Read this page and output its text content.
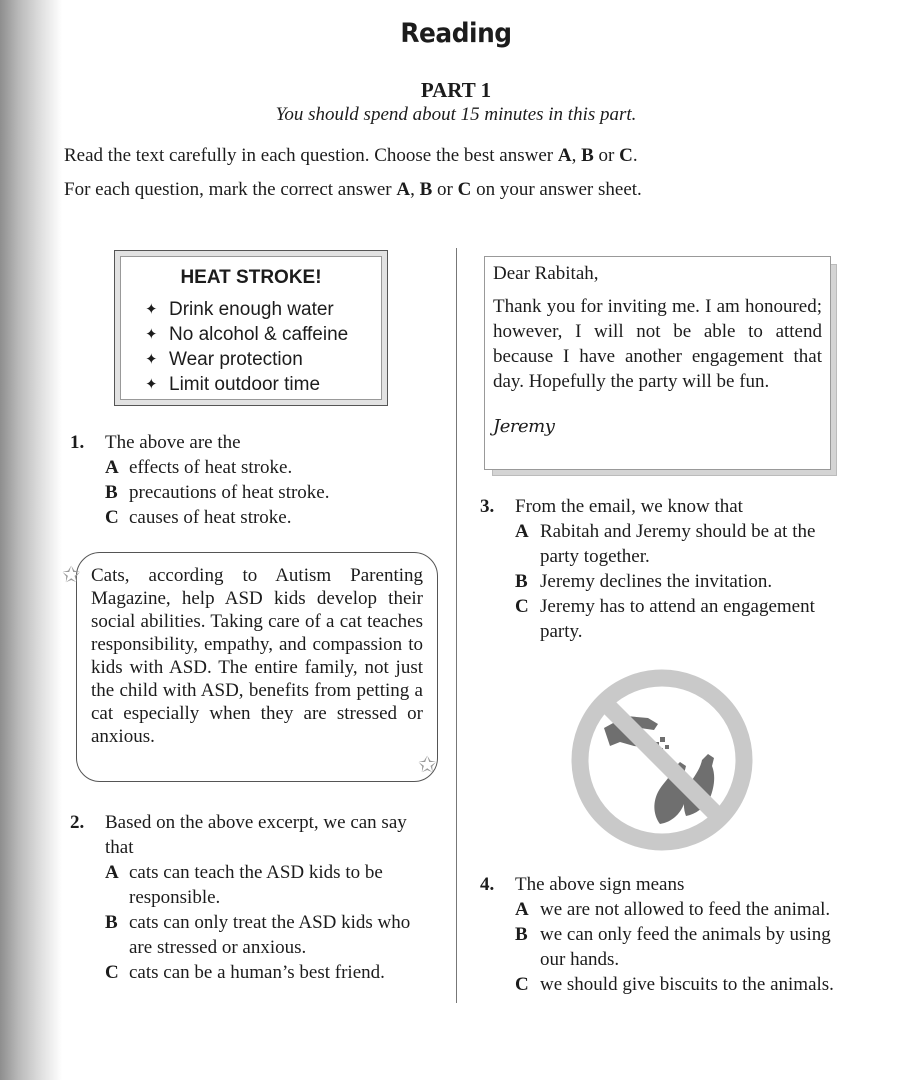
Reading
PART 1
You should spend about 15 minutes in this part.
Read the text carefully in each question. Choose the best answer A, B or C.
For each question, mark the correct answer A, B or C on your answer sheet.
HEAT STROKE!
✦ Drink enough water
✦ No alcohol & caffeine
✦ Wear protection
✦ Limit outdoor time
Dear Rabitah,
Thank you for inviting me. I am honoured; however, I will not be able to attend because I have another engagement that day. Hopefully the party will be fun.
Jeremy
1. The above are the
A effects of heat stroke.
B precautions of heat stroke.
C causes of heat stroke.
Cats, according to Autism Parenting Magazine, help ASD kids develop their social abilities. Taking care of a cat teaches responsibility, empathy, and compassion to kids with ASD. The entire family, not just the child with ASD, benefits from petting a cat especially when they are stressed or anxious.
✩
✩
2. Based on the above excerpt, we can say
that
A cats can teach the ASD kids to be
responsible.
B cats can only treat the ASD kids who
are stressed or anxious.
C cats can be a human’s best friend.
3. From the email, we know that
A Rabitah and Jeremy should be at the
party together.
B Jeremy declines the invitation.
C Jeremy has to attend an engagement
party.
4. The above sign means
A we are not allowed to feed the animal.
B we can only feed the animals by using
our hands.
C we should give biscuits to the animals.
